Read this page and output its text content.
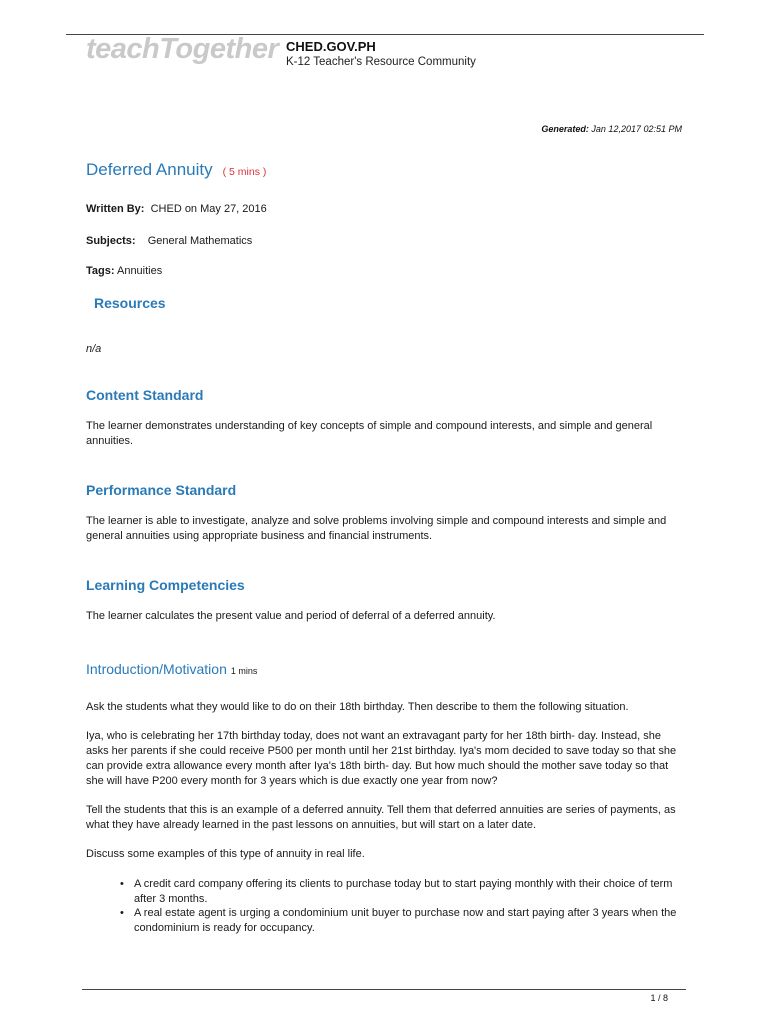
teachTogether CHED.GOV.PH
K-12 Teacher's Resource Community
Generated: Jan 12,2017 02:51 PM
Deferred Annuity ( 5 mins )
Written By: CHED on May 27, 2016
Subjects: General Mathematics
Tags: Annuities
Resources
n/a
Content Standard
The learner demonstrates understanding of key concepts of simple and compound interests, and simple and general annuities.
Performance Standard
The learner is able to investigate, analyze and solve problems involving simple and compound interests and simple and general annuities using appropriate business and financial instruments.
Learning Competencies
The learner calculates the present value and period of deferral of a deferred annuity.
Introduction/Motivation 1 mins
Ask the students what they would like to do on their 18th birthday. Then describe to them the following situation.
Iya, who is celebrating her 17th birthday today, does not want an extravagant party for her 18th birth- day. Instead, she asks her parents if she could receive P500 per month until her 21st birthday. Iya's mom decided to save today so that she can provide extra allowance every month after Iya's 18th birth- day. But how much should the mother save today so that she will have P200 every month for 3 years which is due exactly one year from now?
Tell the students that this is an example of a deferred annuity. Tell them that deferred annuities are series of payments, as what they have already learned in the past lessons on annuities, but will start on a later date.
Discuss some examples of this type of annuity in real life.
• A credit card company offering its clients to purchase today but to start paying monthly with their choice of term after 3 months.
• A real estate agent is urging a condominium unit buyer to purchase now and start paying after 3 years when the condominium is ready for occupancy.
1 / 8
